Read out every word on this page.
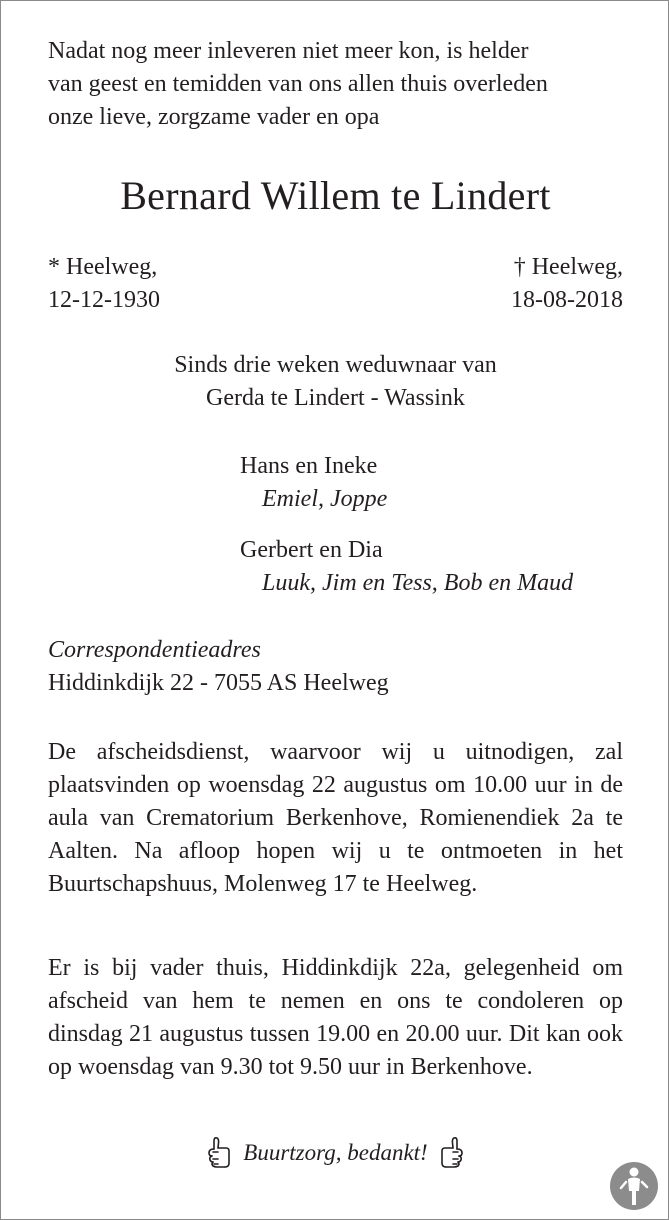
Nadat nog meer inleveren niet meer kon, is helder
van geest en temidden van ons allen thuis overleden
onze lieve, zorgzame vader en opa
Bernard Willem te Lindert
* Heelweg,
12-12-1930
† Heelweg,
18-08-2018
Sinds drie weken weduwnaar van
Gerda te Lindert - Wassink
Hans en Ineke
Emiel, Joppe
Gerbert en Dia
Luuk, Jim en Tess, Bob en Maud
Correspondentieadres
Hiddinkdijk 22 - 7055 AS Heelweg
De afscheidsdienst, waarvoor wij u uitnodigen, zal plaatsvinden op woensdag 22 augustus om 10.00 uur in de aula van Crematorium Berkenhove, Romienendiek 2a te Aalten. Na afloop hopen wij u te ontmoeten in het Buurtschapshuus, Molenweg 17 te Heelweg.
Er is bij vader thuis, Hiddinkdijk 22a, gelegenheid om afscheid van hem te nemen en ons te condoleren op dinsdag 21 augustus tussen 19.00 en 20.00 uur. Dit kan ook op woensdag van 9.30 tot 9.50 uur in Berkenhove.
Buurtzorg, bedankt!
